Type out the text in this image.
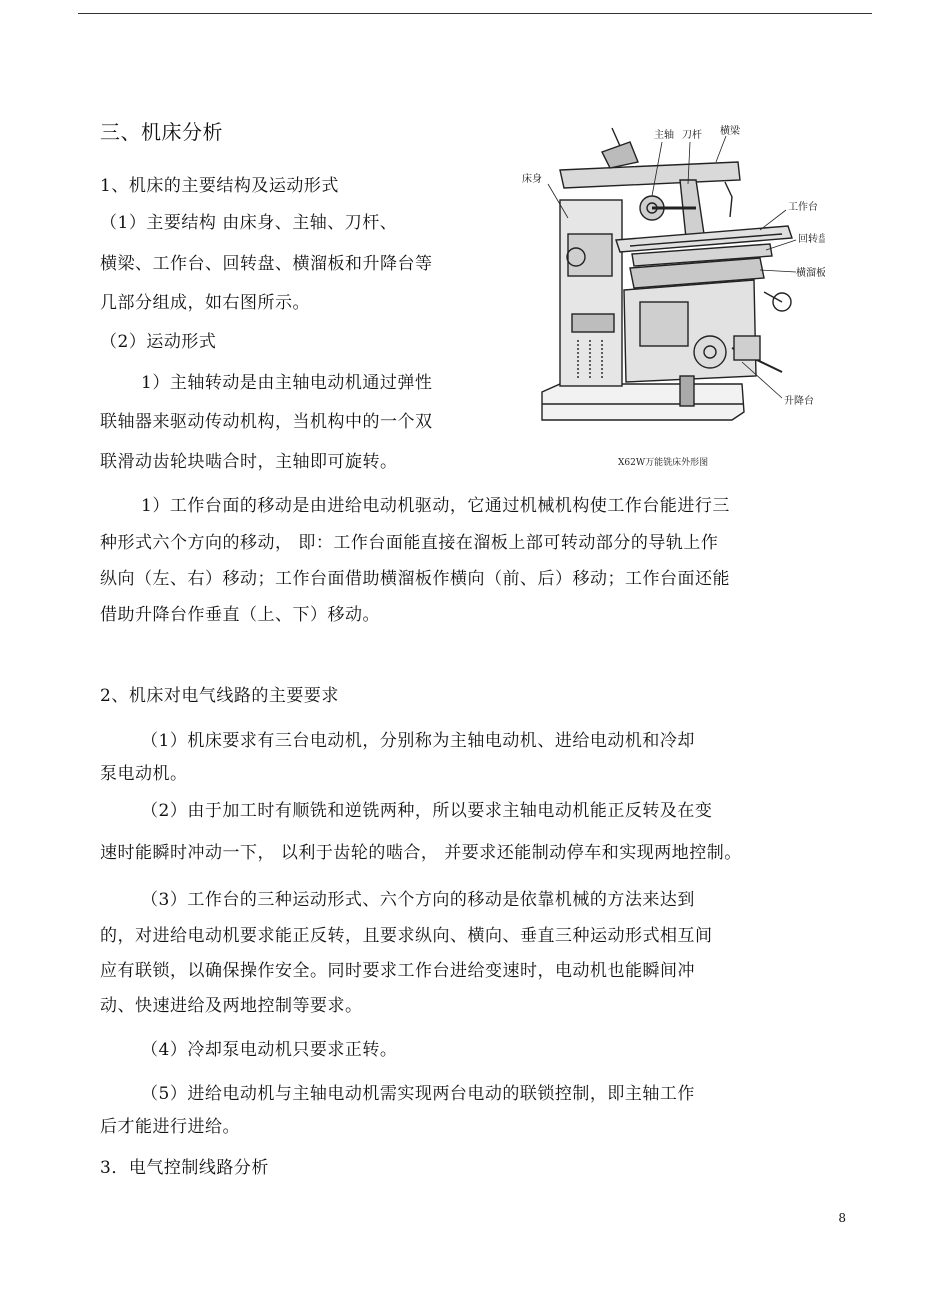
三、机床分析
1、机床的主要结构及运动形式
（1）主要结构 由床身、主轴、刀杆、
横梁、工作台、回转盘、横溜板和升降台等
几部分组成，如右图所示。
（2）运动形式
1）主轴转动是由主轴电动机通过弹性
联轴器来驱动传动机构，当机构中的一个双
联滑动齿轮块啮合时，主轴即可旋转。
1）工作台面的移动是由进给电动机驱动，它通过机械机构使工作台能进行三
种形式六个方向的移动， 即：工作台面能直接在溜板上部可转动部分的导轨上作
纵向（左、右）移动；工作台面借助横溜板作横向（前、后）移动；工作台面还能
借助升降台作垂直（上、下）移动。
2、机床对电气线路的主要要求
（1）机床要求有三台电动机，分别称为主轴电动机、进给电动机和冷却
泵电动机。
（2）由于加工时有顺铣和逆铣两种，所以要求主轴电动机能正反转及在变
速时能瞬时冲动一下， 以利于齿轮的啮合， 并要求还能制动停车和实现两地控制。
（3）工作台的三种运动形式、六个方向的移动是依靠机械的方法来达到
的，对进给电动机要求能正反转，且要求纵向、横向、垂直三种运动形式相互间
应有联锁，以确保操作安全。同时要求工作台进给变速时，电动机也能瞬间冲
动、快速进给及两地控制等要求。
（4）冷却泵电动机只要求正转。
（5）进给电动机与主轴电动机需实现两台电动的联锁控制，即主轴工作
后才能进行进给。
3．电气控制线路分析
主轴 刀杆 横梁
床身
工作台
回转盘
横溜板
升降台
X62W万能铣床外形图
8
